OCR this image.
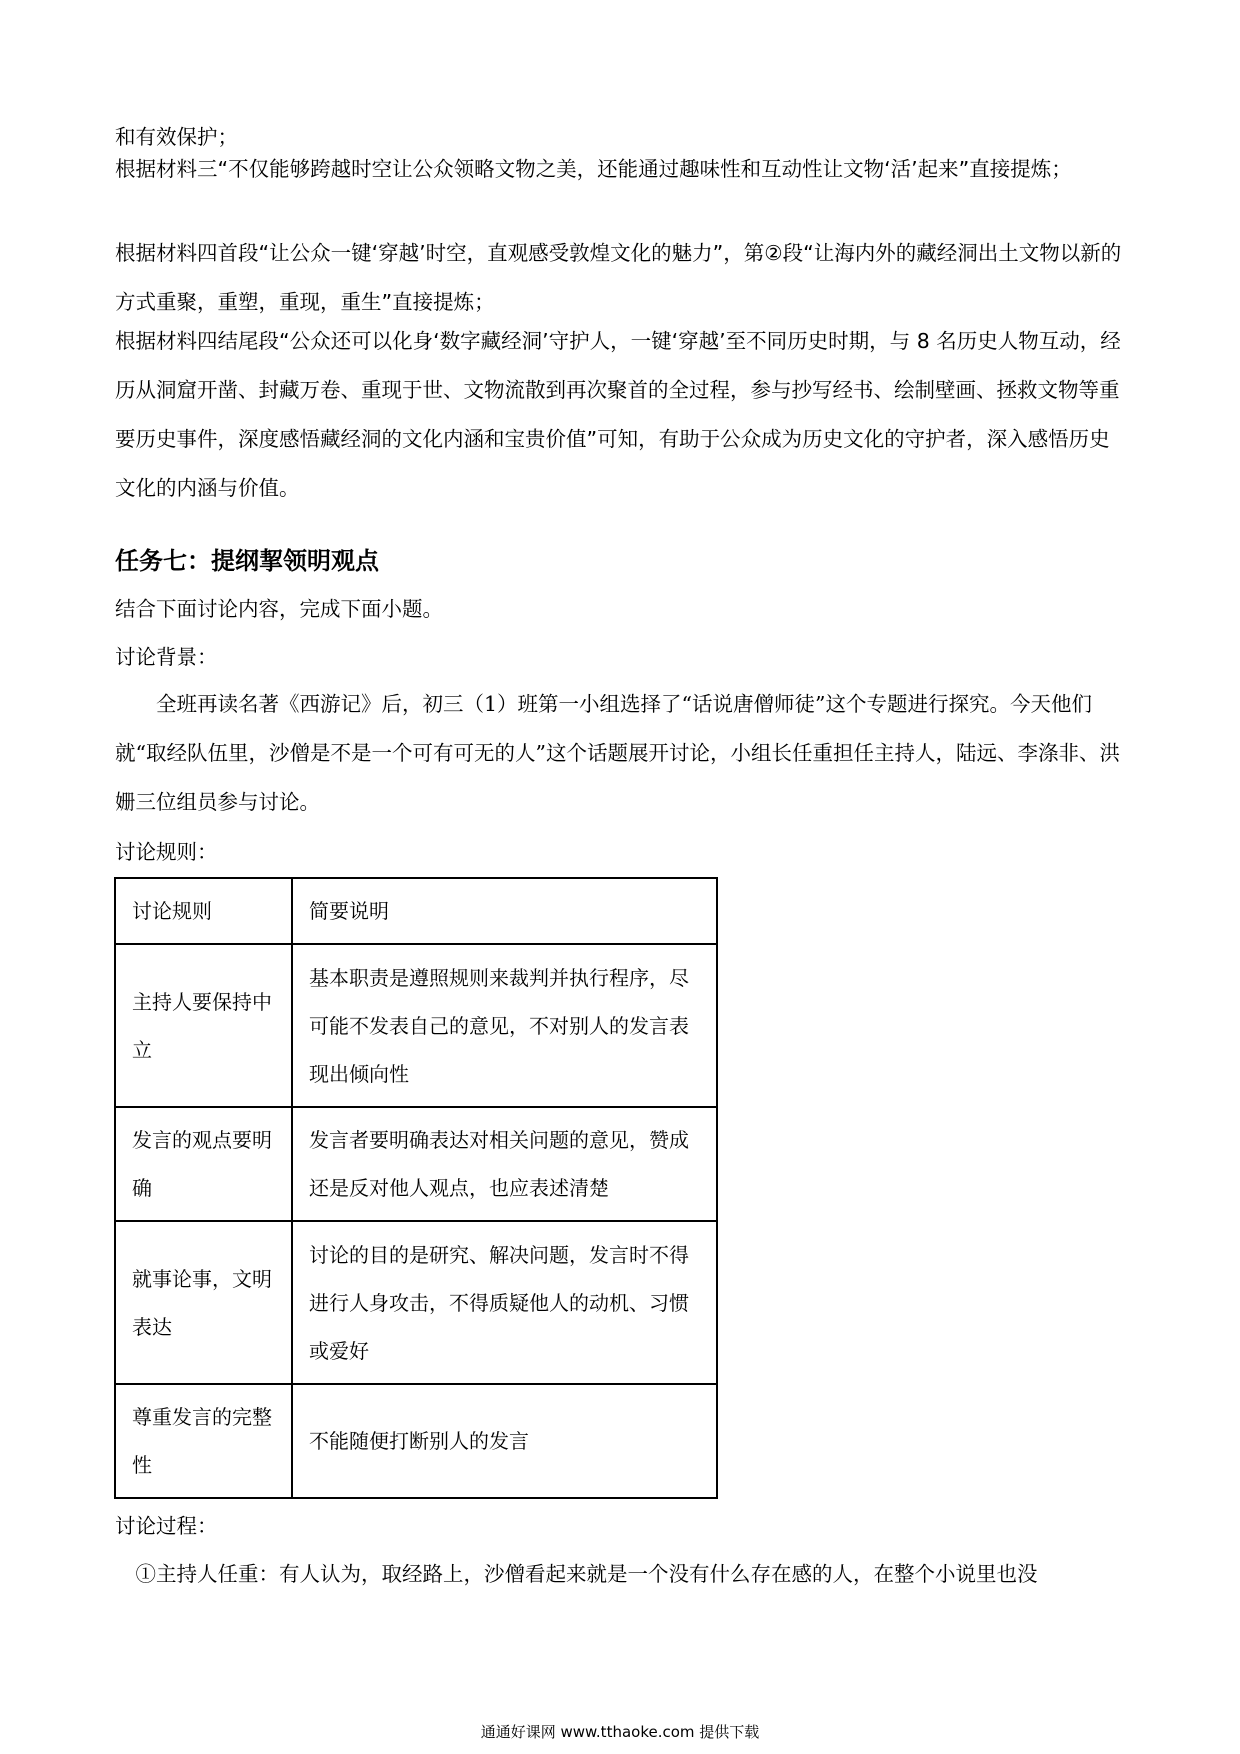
和有效保护；

根据材料三“不仅能够跨越时空让公众领略文物之美，还能通过趣味性和互动性让文物‘活’起来”直接提炼；

根据材料四首段“让公众一键‘穿越’时空，直观感受敦煌文化的魅力”，第②段“让海内外的藏经洞出土文物以新的方式重聚，重塑，重现，重生”直接提炼；

根据材料四结尾段“公众还可以化身‘数字藏经洞’守护人，一键‘穿越’至不同历史时期，与 8 名历史人物互动，经历从洞窟开凿、封藏万卷、重现于世、文物流散到再次聚首的全过程，参与抄写经书、绘制壁画、拯救文物等重要历史事件，深度感悟藏经洞的文化内涵和宝贵价值”可知，有助于公众成为历史文化的守护者，深入感悟历史文化的内涵与价值。

任务七：提纲挈领明观点

结合下面讨论内容，完成下面小题。

讨论背景：

　　全班再读名著《西游记》后，初三（1）班第一小组选择了“话说唐僧师徒”这个专题进行探究。今天他们就“取经队伍里，沙僧是不是一个可有可无的人”这个话题展开讨论，小组长任重担任主持人，陆远、李涤非、洪姗三位组员参与讨论。

讨论规则：

讨论规则	简要说明
主持人要保持中立	基本职责是遵照规则来裁判并执行程序，尽可能不发表自己的意见，不对别人的发言表现出倾向性
发言的观点要明确	发言者要明确表达对相关问题的意见，赞成还是反对他人观点，也应表述清楚
就事论事，文明表达	讨论的目的是研究、解决问题，发言时不得进行人身攻击，不得质疑他人的动机、习惯或爱好
尊重发言的完整性	不能随便打断别人的发言

讨论过程：

　①主持人任重：有人认为，取经路上，沙僧看起来就是一个没有什么存在感的人，在整个小说里也没

通通好课网 www.tthaoke.com 提供下载
